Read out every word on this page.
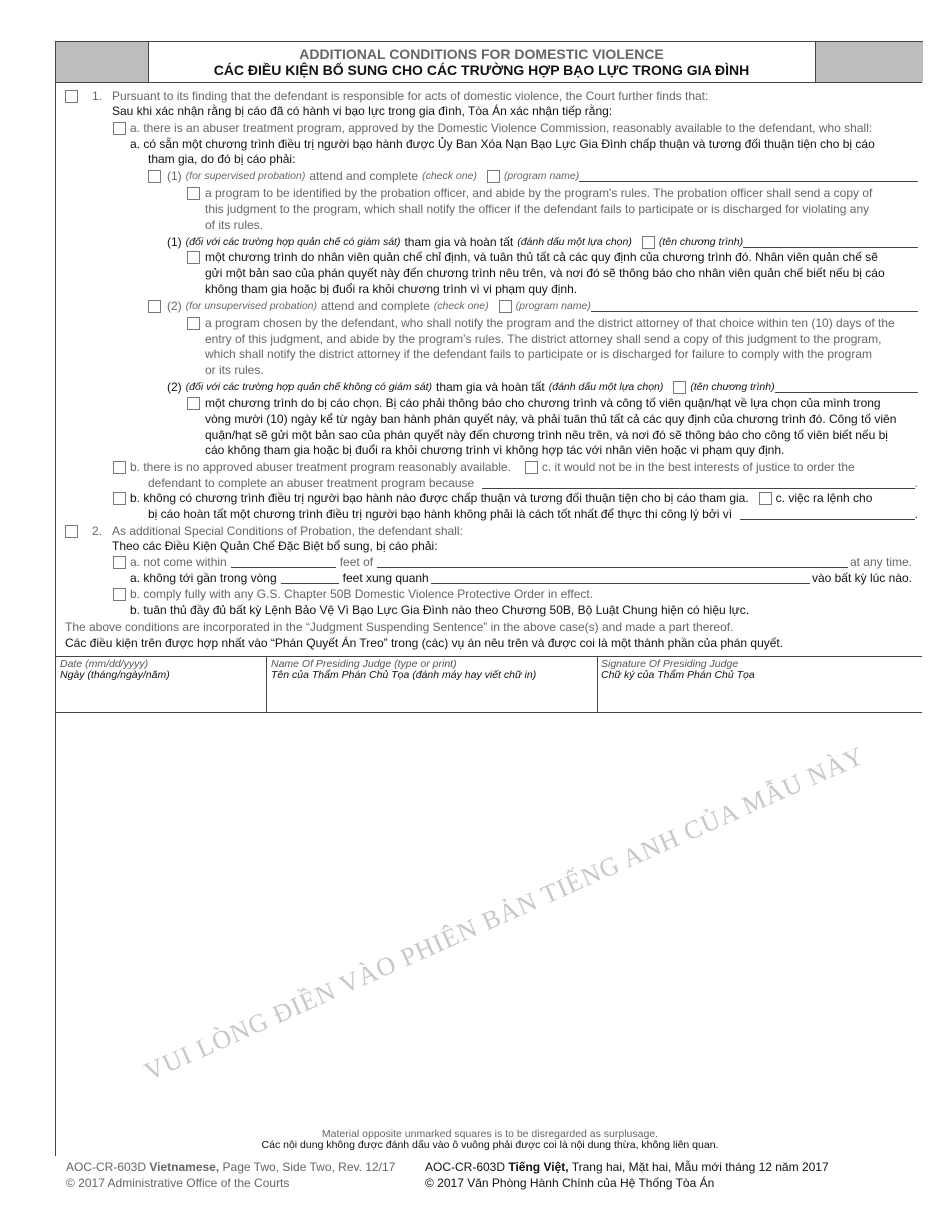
ADDITIONAL CONDITIONS FOR DOMESTIC VIOLENCE
CÁC ĐIỀU KIỆN BỔ SUNG CHO CÁC TRƯỜNG HỢP BẠO LỰC TRONG GIA ĐÌNH
1. Pursuant to its finding that the defendant is responsible for acts of domestic violence, the Court further finds that:
Sau khi xác nhận rằng bị cáo đã có hành vi bạo lực trong gia đình, Tòa Án xác nhận tiếp rằng:
a. there is an abuser treatment program, approved by the Domestic Violence Commission, reasonably available to the defendant, who shall:
a. có sẵn một chương trình điều trị người bạo hành được Ủy Ban Xóa Nạn Bạo Lực Gia Đình chấp thuận và tương đối thuận tiện cho bị cáo
tham gia, do đó bị cáo phải:
(1) (for supervised probation) attend and complete (check one)	(program name)
a program to be identified by the probation officer, and abide by the program's rules. The probation officer shall send a copy of
this judgment to the program, which shall notify the officer if the defendant fails to participate or is discharged for violating any
of its rules.
(1) (đối với các trường hợp quản chế có giám sát) tham gia và hoàn tất (đánh dấu một lựa chọn)	(tên chương trình)
một chương trình do nhân viên quản chế chỉ định, và tuân thủ tất cả các quy định của chương trình đó. Nhân viên quản chế sẽ
gửi một bản sao của phán quyết này đến chương trình nêu trên, và nơi đó sẽ thông báo cho nhân viên quản chế biết nếu bị cáo
không tham gia hoặc bị đuổi ra khỏi chương trình vì vi phạm quy định.
(2) (for unsupervised probation) attend and complete (check one)	(program name)
a program chosen by the defendant, who shall notify the program and the district attorney of that choice within ten (10) days of the
entry of this judgment, and abide by the program's rules. The district attorney shall send a copy of this judgment to the program,
which shall notify the district attorney if the defendant fails to participate or is discharged for failure to comply with the program
or its rules.
(2) (đối với các trường hợp quản chế không có giám sát) tham gia và hoàn tất (đánh dấu một lựa chọn)	(tên chương trình)
một chương trình do bị cáo chọn. Bị cáo phải thông báo cho chương trình và công tố viên quận/hạt về lựa chọn của mình trong
vòng mười (10) ngày kể từ ngày ban hành phán quyết này, và phải tuân thủ tất cả các quy định của chương trình đó. Công tố viên
quận/hạt sẽ gửi một bản sao của phán quyết này đến chương trình nêu trên, và nơi đó sẽ thông báo cho công tố viên biết nếu bị
cáo không tham gia hoặc bị đuổi ra khỏi chương trình vì không hợp tác với nhân viên hoặc vi phạm quy định.
b. there is no approved abuser treatment program reasonably available.	c. it would not be in the best interests of justice to order the
defendant to complete an abuser treatment program because	.
b. không có chương trình điều trị người bạo hành nào được chấp thuận và tương đối thuận tiện cho bị cáo tham gia. c. việc ra lệnh cho
bị cáo hoàn tất một chương trình điều trị người bạo hành không phải là cách tốt nhất để thực thi công lý bởi vì	.
2. As additional Special Conditions of Probation, the defendant shall:
Theo các Điều Kiện Quản Chế Đặc Biệt bổ sung, bị cáo phải:
a. not come within	feet of	at any time.
a. không tới gần trong vòng	feet xung quanh	vào bất kỳ lúc nào.
b. comply fully with any G.S. Chapter 50B Domestic Violence Protective Order in effect.
b. tuân thủ đầy đủ bất kỳ Lệnh Bảo Vệ Vì Bạo Lực Gia Đình nào theo Chương 50B, Bộ Luật Chung hiện có hiệu lực.
The above conditions are incorporated in the “Judgment Suspending Sentence” in the above case(s) and made a part thereof.
Các điều kiện trên được hợp nhất vào “Phán Quyết Án Treo” trong (các) vụ án nêu trên và được coi là một thành phần của phán quyết.
Date (mm/dd/yyyy)
Ngày (tháng/ngày/năm)
Name Of Presiding Judge (type or print)
Tên của Thẩm Phán Chủ Tọa (đánh máy hay viết chữ in)
Signature Of Presiding Judge
Chữ ký của Thẩm Phán Chủ Tọa
VUI LÒNG ĐIỀN VÀO PHIÊN BẢN TIẾNG ANH CỦA MẪU NÀY
Material opposite unmarked squares is to be disregarded as surplusage.
Các nội dung không được đánh dấu vào ô vuông phải được coi là nội dung thừa, không liên quan.
AOC-CR-603D Vietnamese, Page Two, Side Two, Rev. 12/17
© 2017 Administrative Office of the Courts
AOC-CR-603D Tiếng Việt, Trang hai, Mặt hai, Mẫu mới tháng 12 năm 2017
© 2017 Văn Phòng Hành Chính của Hệ Thống Tòa Án
